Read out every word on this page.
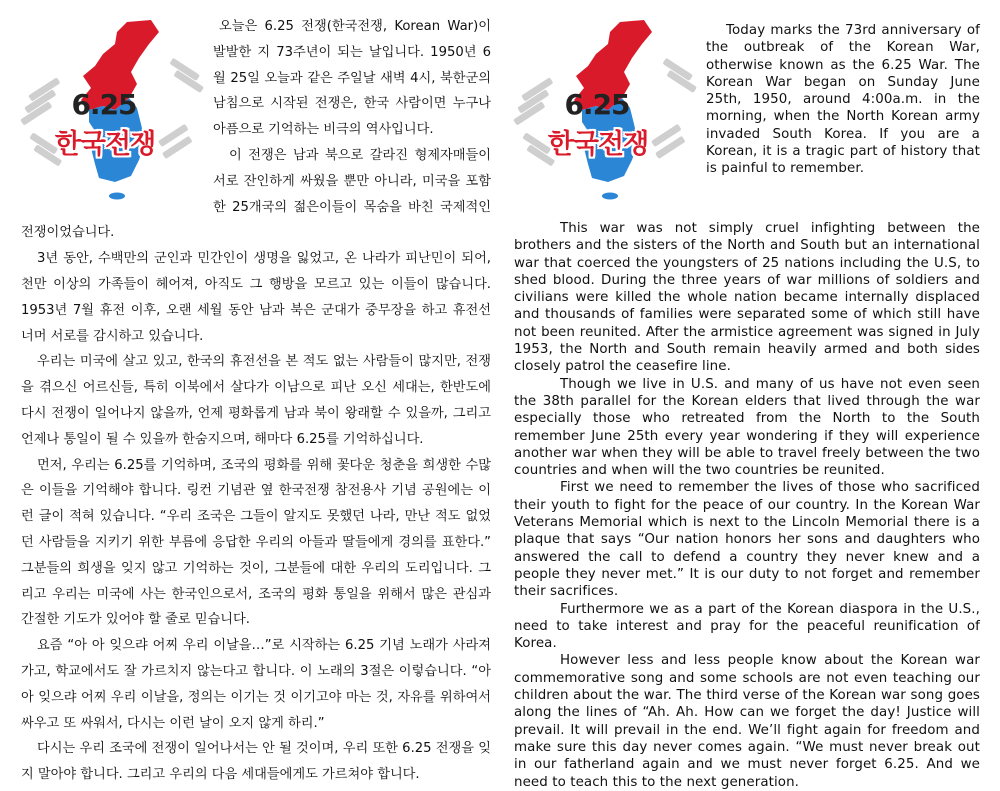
6.25
한국전쟁

오늘은 6.25 전쟁(한국전쟁, Korean War)이 발발한 지 73주년이 되는 날입니다. 1950년 6월 25일 오늘과 같은 주일날 새벽 4시, 북한군의 남침으로 시작된 전쟁은, 한국 사람이면 누구나 아픔으로 기억하는 비극의 역사입니다.

이 전쟁은 남과 북으로 갈라진 형제자매들이 서로 잔인하게 싸웠을 뿐만 아니라, 미국을 포함한 25개국의 젊은이들이 목숨을 바친 국제적인 전쟁이었습니다.

3년 동안, 수백만의 군인과 민간인이 생명을 잃었고, 온 나라가 피난민이 되어, 천만 이상의 가족들이 헤어져, 아직도 그 행방을 모르고 있는 이들이 많습니다. 1953년 7월 휴전 이후, 오랜 세월 동안 남과 북은 군대가 중무장을 하고 휴전선 너머 서로를 감시하고 있습니다.

우리는 미국에 살고 있고, 한국의 휴전선을 본 적도 없는 사람들이 많지만, 전쟁을 겪으신 어르신들, 특히 이북에서 살다가 이남으로 피난 오신 세대는, 한반도에 다시 전쟁이 일어나지 않을까, 언제 평화롭게 남과 북이 왕래할 수 있을까, 그리고 언제나 통일이 될 수 있을까 한숨지으며, 해마다 6.25를 기억하십니다.

먼저, 우리는 6.25를 기억하며, 조국의 평화를 위해 꽃다운 청춘을 희생한 수많은 이들을 기억해야 합니다. 링컨 기념관 옆 한국전쟁 참전용사 기념 공원에는 이런 글이 적혀 있습니다. “우리 조국은 그들이 알지도 못했던 나라, 만난 적도 없었던 사람들을 지키기 위한 부름에 응답한 우리의 아들과 딸들에게 경의를 표한다.” 그분들의 희생을 잊지 않고 기억하는 것이, 그분들에 대한 우리의 도리입니다. 그리고 우리는 미국에 사는 한국인으로서, 조국의 평화 통일을 위해서 많은 관심과 간절한 기도가 있어야 할 줄로 믿습니다.

요즘 “아 아 잊으랴 어찌 우리 이날을…”로 시작하는 6.25 기념 노래가 사라져 가고, 학교에서도 잘 가르치지 않는다고 합니다. 이 노래의 3절은 이렇습니다. “아 아 잊으랴 어찌 우리 이날을, 정의는 이기는 것 이기고야 마는 것, 자유를 위하여서 싸우고 또 싸워서, 다시는 이런 날이 오지 않게 하리.”

다시는 우리 조국에 전쟁이 일어나서는 안 될 것이며, 우리 또한 6.25 전쟁을 잊지 말아야 합니다. 그리고 우리의 다음 세대들에게도 가르쳐야 합니다.

6.25
한국전쟁

Today marks the 73rd anniversary of the outbreak of the Korean War, otherwise known as the 6.25 War. The Korean War began on Sunday June 25th, 1950, around 4:00a.m. in the morning, when the North Korean army invaded South Korea. If you are a Korean, it is a tragic part of history that is painful to remember.

This war was not simply cruel infighting between the brothers and the sisters of the North and South but an international war that coerced the youngsters of 25 nations including the U.S, to shed blood. During the three years of war millions of soldiers and civilians were killed the whole nation became internally displaced and thousands of families were separated some of which still have not been reunited. After the armistice agreement was signed in July 1953, the North and South remain heavily armed and both sides closely patrol the ceasefire line.

Though we live in U.S. and many of us have not even seen the 38th parallel for the Korean elders that lived through the war especially those who retreated from the North to the South remember June 25th every year wondering if they will experience another war when they will be able to travel freely between the two countries and when will the two countries be reunited.

First we need to remember the lives of those who sacrificed their youth to fight for the peace of our country. In the Korean War Veterans Memorial which is next to the Lincoln Memorial there is a plaque that says “Our nation honors her sons and daughters who answered the call to defend a country they never knew and a people they never met.” It is our duty to not forget and remember their sacrifices.

Furthermore we as a part of the Korean diaspora in the U.S., need to take interest and pray for the peaceful reunification of Korea.

However less and less people know about the Korean war commemorative song and some schools are not even teaching our children about the war. The third verse of the Korean war song goes along the lines of “Ah. Ah. How can we forget the day! Justice will prevail. It will prevail in the end. We’ll fight again for freedom and make sure this day never comes again. “We must never break out in our fatherland again and we must never forget 6.25. And we need to teach this to the next generation.
